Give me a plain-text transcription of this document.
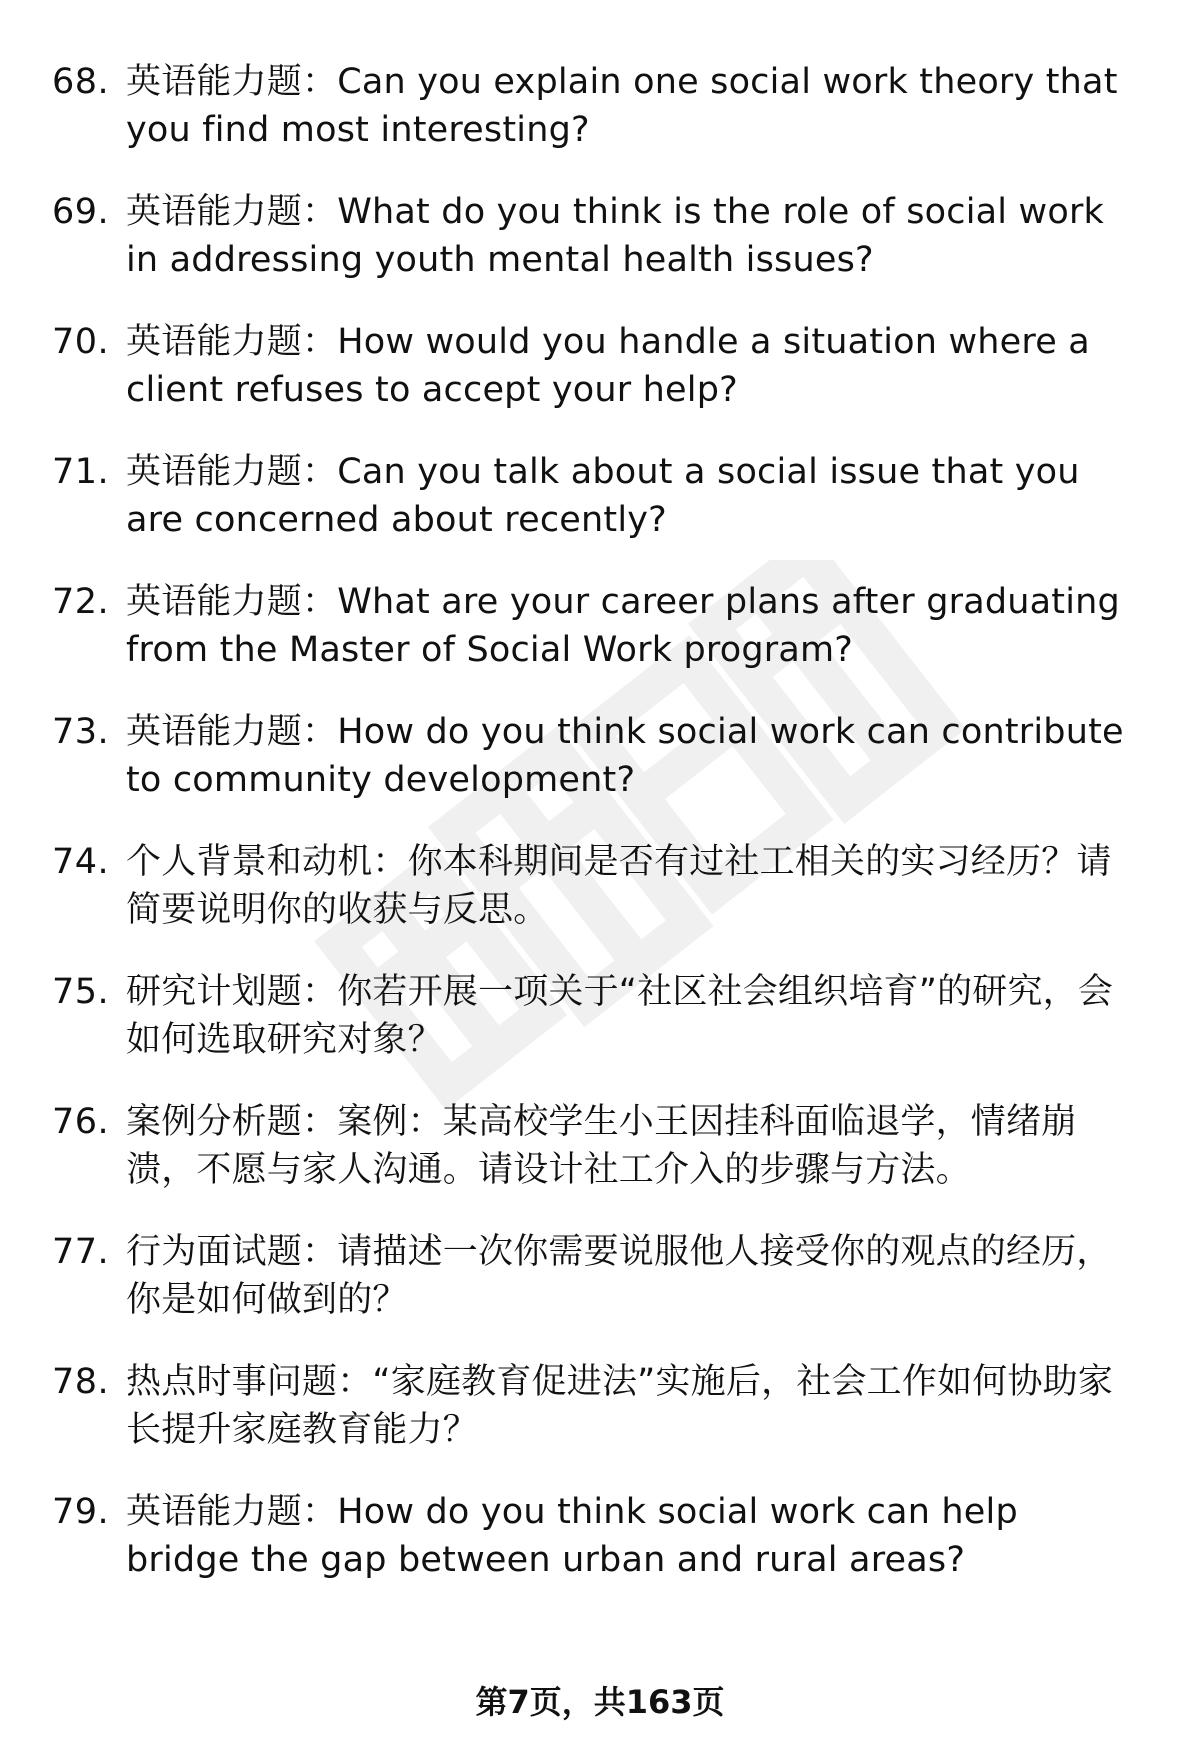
68. 英语能力题：Can you explain one social work theory that you find most interesting?
69. 英语能力题：What do you think is the role of social work in addressing youth mental health issues?
70. 英语能力题：How would you handle a situation where a client refuses to accept your help?
71. 英语能力题：Can you talk about a social issue that you are concerned about recently?
72. 英语能力题：What are your career plans after graduating from the Master of Social Work program?
73. 英语能力题：How do you think social work can contribute to community development?
74. 个人背景和动机：你本科期间是否有过社工相关的实习经历？请简要说明你的收获与反思。
75. 研究计划题：你若开展一项关于“社区社会组织培育”的研究，会如何选取研究对象？
76. 案例分析题：案例：某高校学生小王因挂科面临退学，情绪崩溃，不愿与家人沟通。请设计社工介入的步骤与方法。
77. 行为面试题：请描述一次你需要说服他人接受你的观点的经历，你是如何做到的？
78. 热点时事问题：“家庭教育促进法”实施后，社会工作如何协助家长提升家庭教育能力？
79. 英语能力题：How do you think social work can help bridge the gap between urban and rural areas?
第7页，共163页
